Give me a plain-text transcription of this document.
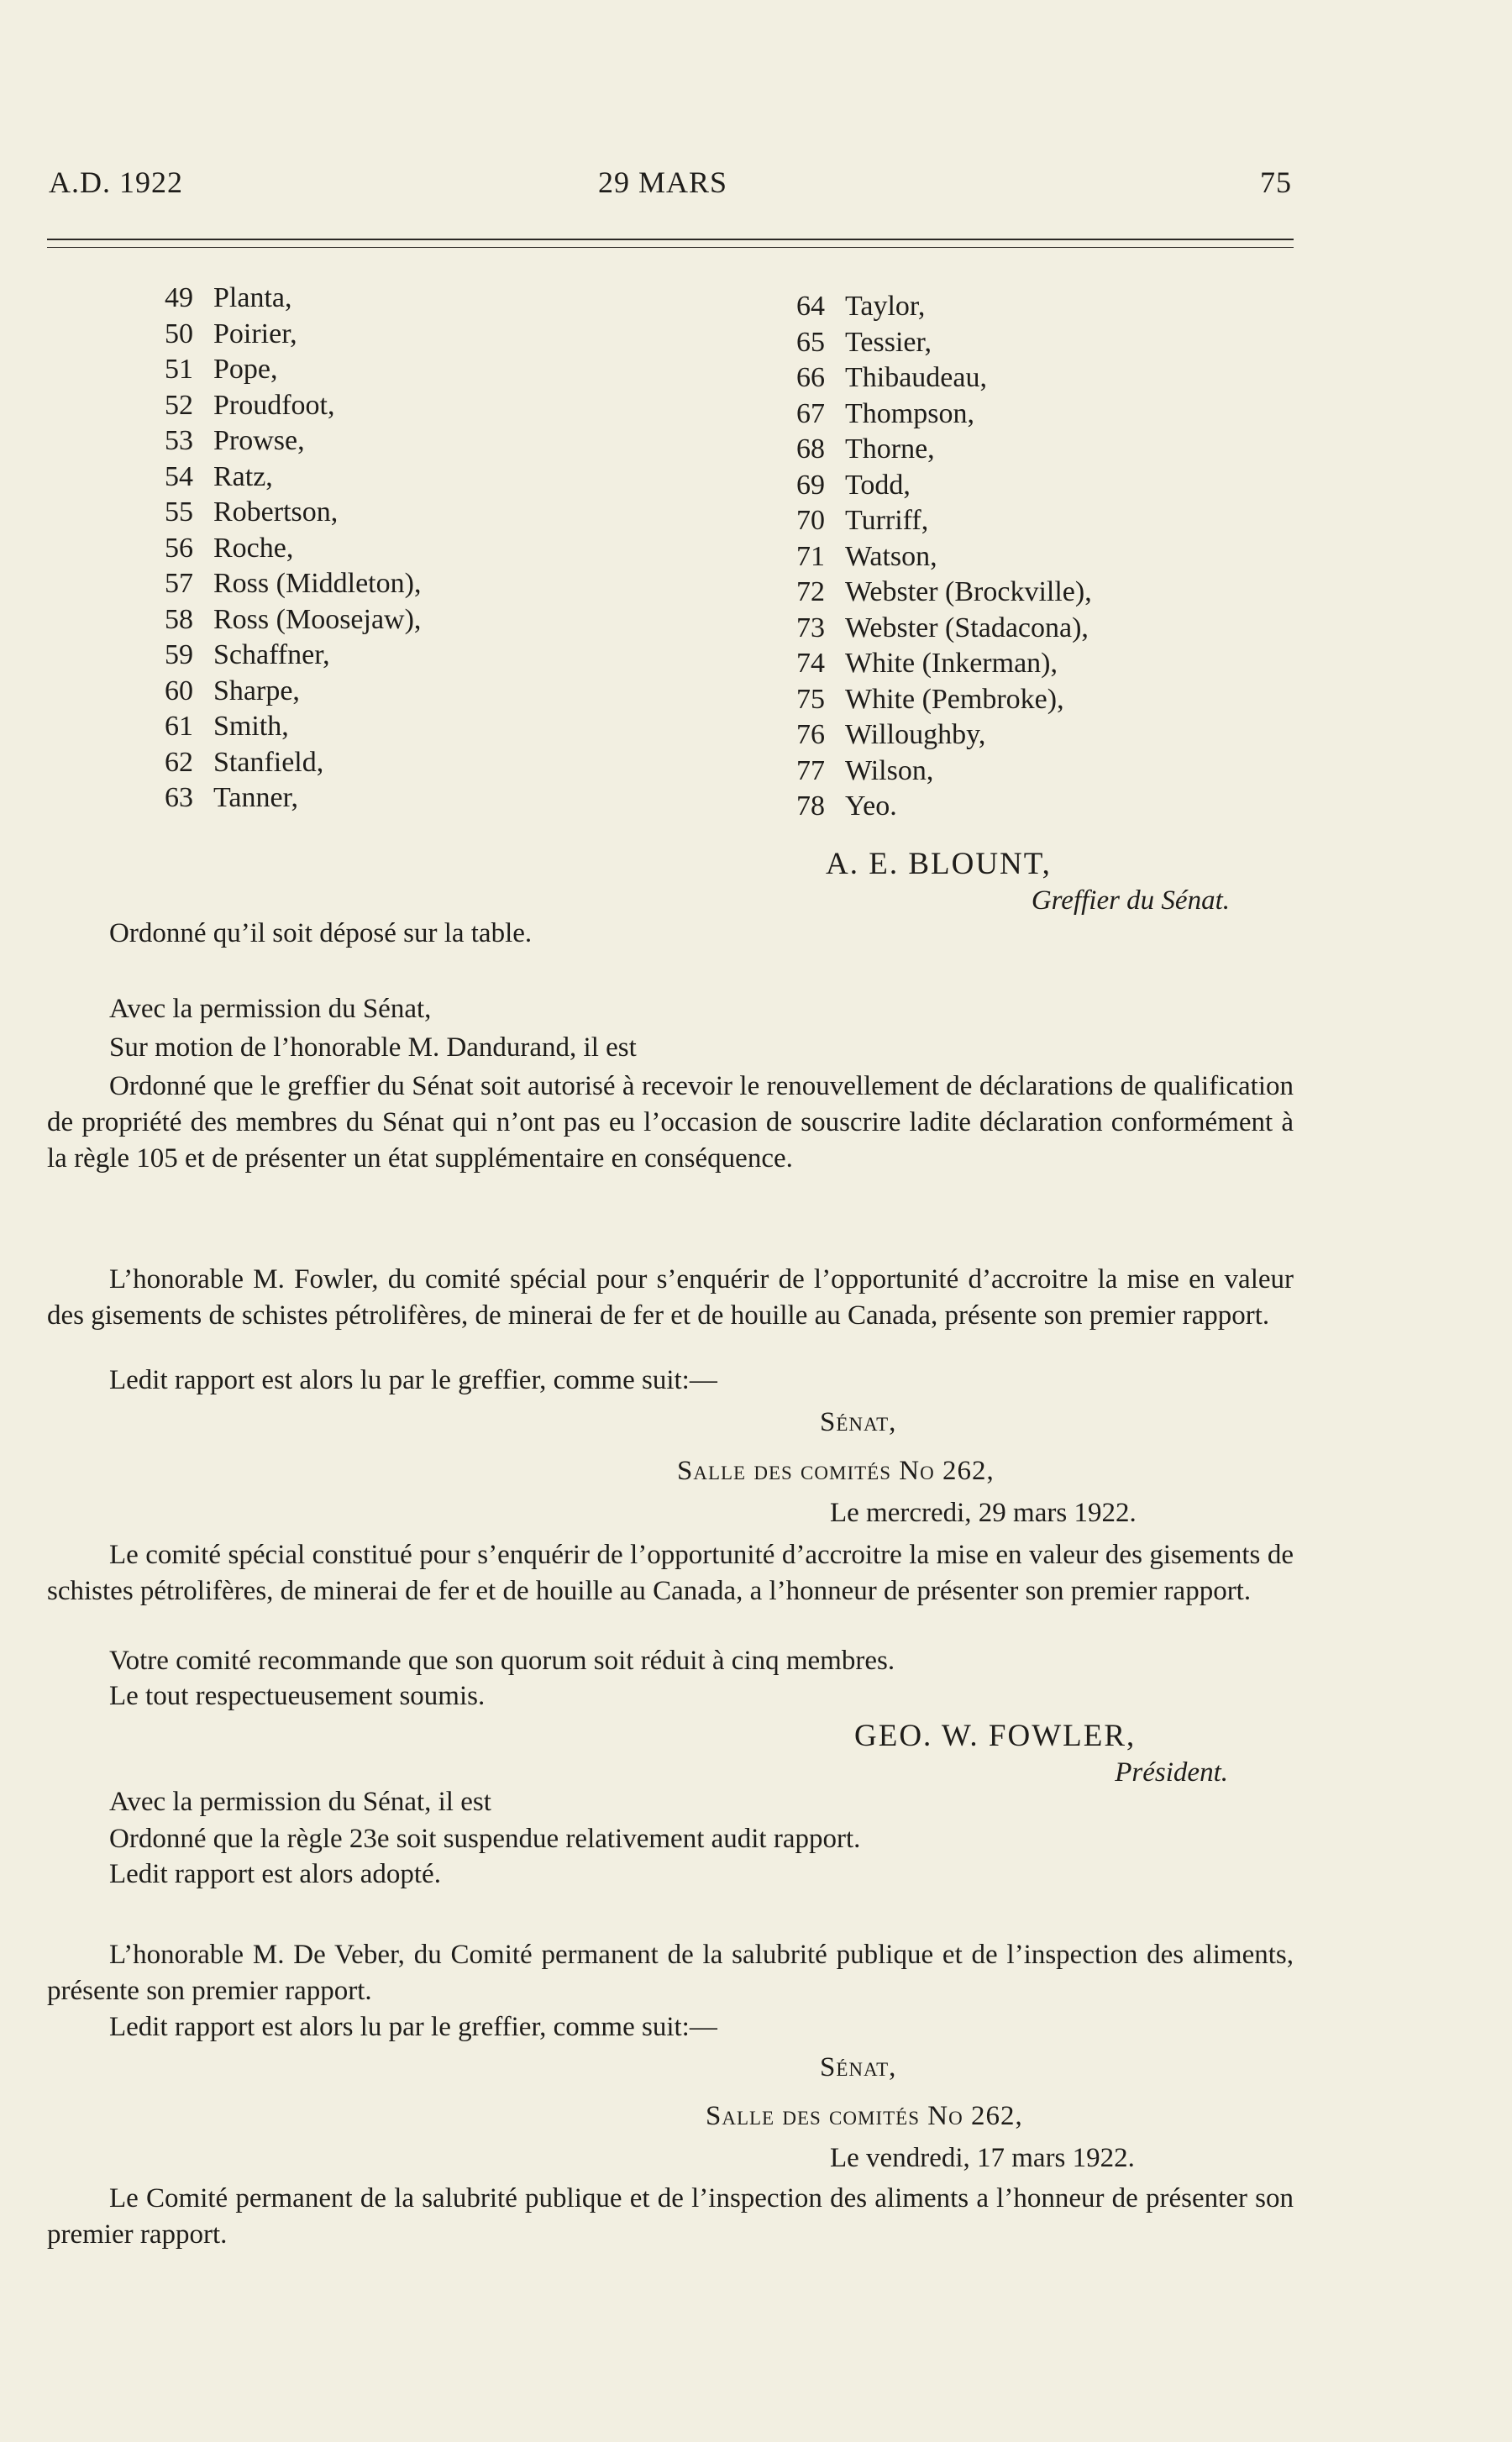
A.D. 1922	29 MARS	75
49 Planta,
50 Poirier,
51 Pope,
52 Proudfoot,
53 Prowse,
54 Ratz,
55 Robertson,
56 Roche,
57 Ross (Middleton),
58 Ross (Moosejaw),
59 Schaffner,
60 Sharpe,
61 Smith,
62 Stanfield,
63 Tanner,
64 Taylor,
65 Tessier,
66 Thibaudeau,
67 Thompson,
68 Thorne,
69 Todd,
70 Turriff,
71 Watson,
72 Webster (Brockville),
73 Webster (Stadacona),
74 White (Inkerman),
75 White (Pembroke),
76 Willoughby,
77 Wilson,
78 Yeo.
A. E. BLOUNT,
Greffier du Sénat.
Ordonné qu’il soit déposé sur la table.
Avec la permission du Sénat,
Sur motion de l’honorable M. Dandurand, il est
Ordonné que le greffier du Sénat soit autorisé à recevoir le renouvellement de déclarations de qualification de propriété des membres du Sénat qui n’ont pas eu l’occasion de souscrire ladite déclaration conformément à la règle 105 et de présenter un état supplémentaire en conséquence.
L’honorable M. Fowler, du comité spécial pour s’enquérir de l’opportunité d’accroitre la mise en valeur des gisements de schistes pétrolifères, de minerai de fer et de houille au Canada, présente son premier rapport.
Ledit rapport est alors lu par le greffier, comme suit:—
Sénat,
Salle des comités No 262,
Le mercredi, 29 mars 1922.
Le comité spécial constitué pour s’enquérir de l’opportunité d’accroitre la mise en valeur des gisements de schistes pétrolifères, de minerai de fer et de houille au Canada, a l’honneur de présenter son premier rapport.
Votre comité recommande que son quorum soit réduit à cinq membres.
Le tout respectueusement soumis.
GEO. W. FOWLER,
Président.
Avec la permission du Sénat, il est
Ordonné que la règle 23e soit suspendue relativement audit rapport.
Ledit rapport est alors adopté.
L’honorable M. De Veber, du Comité permanent de la salubrité publique et de l’inspection des aliments, présente son premier rapport.
Ledit rapport est alors lu par le greffier, comme suit:—
Sénat,
Salle des comités No 262,
Le vendredi, 17 mars 1922.
Le Comité permanent de la salubrité publique et de l’inspection des aliments a l’honneur de présenter son premier rapport.
